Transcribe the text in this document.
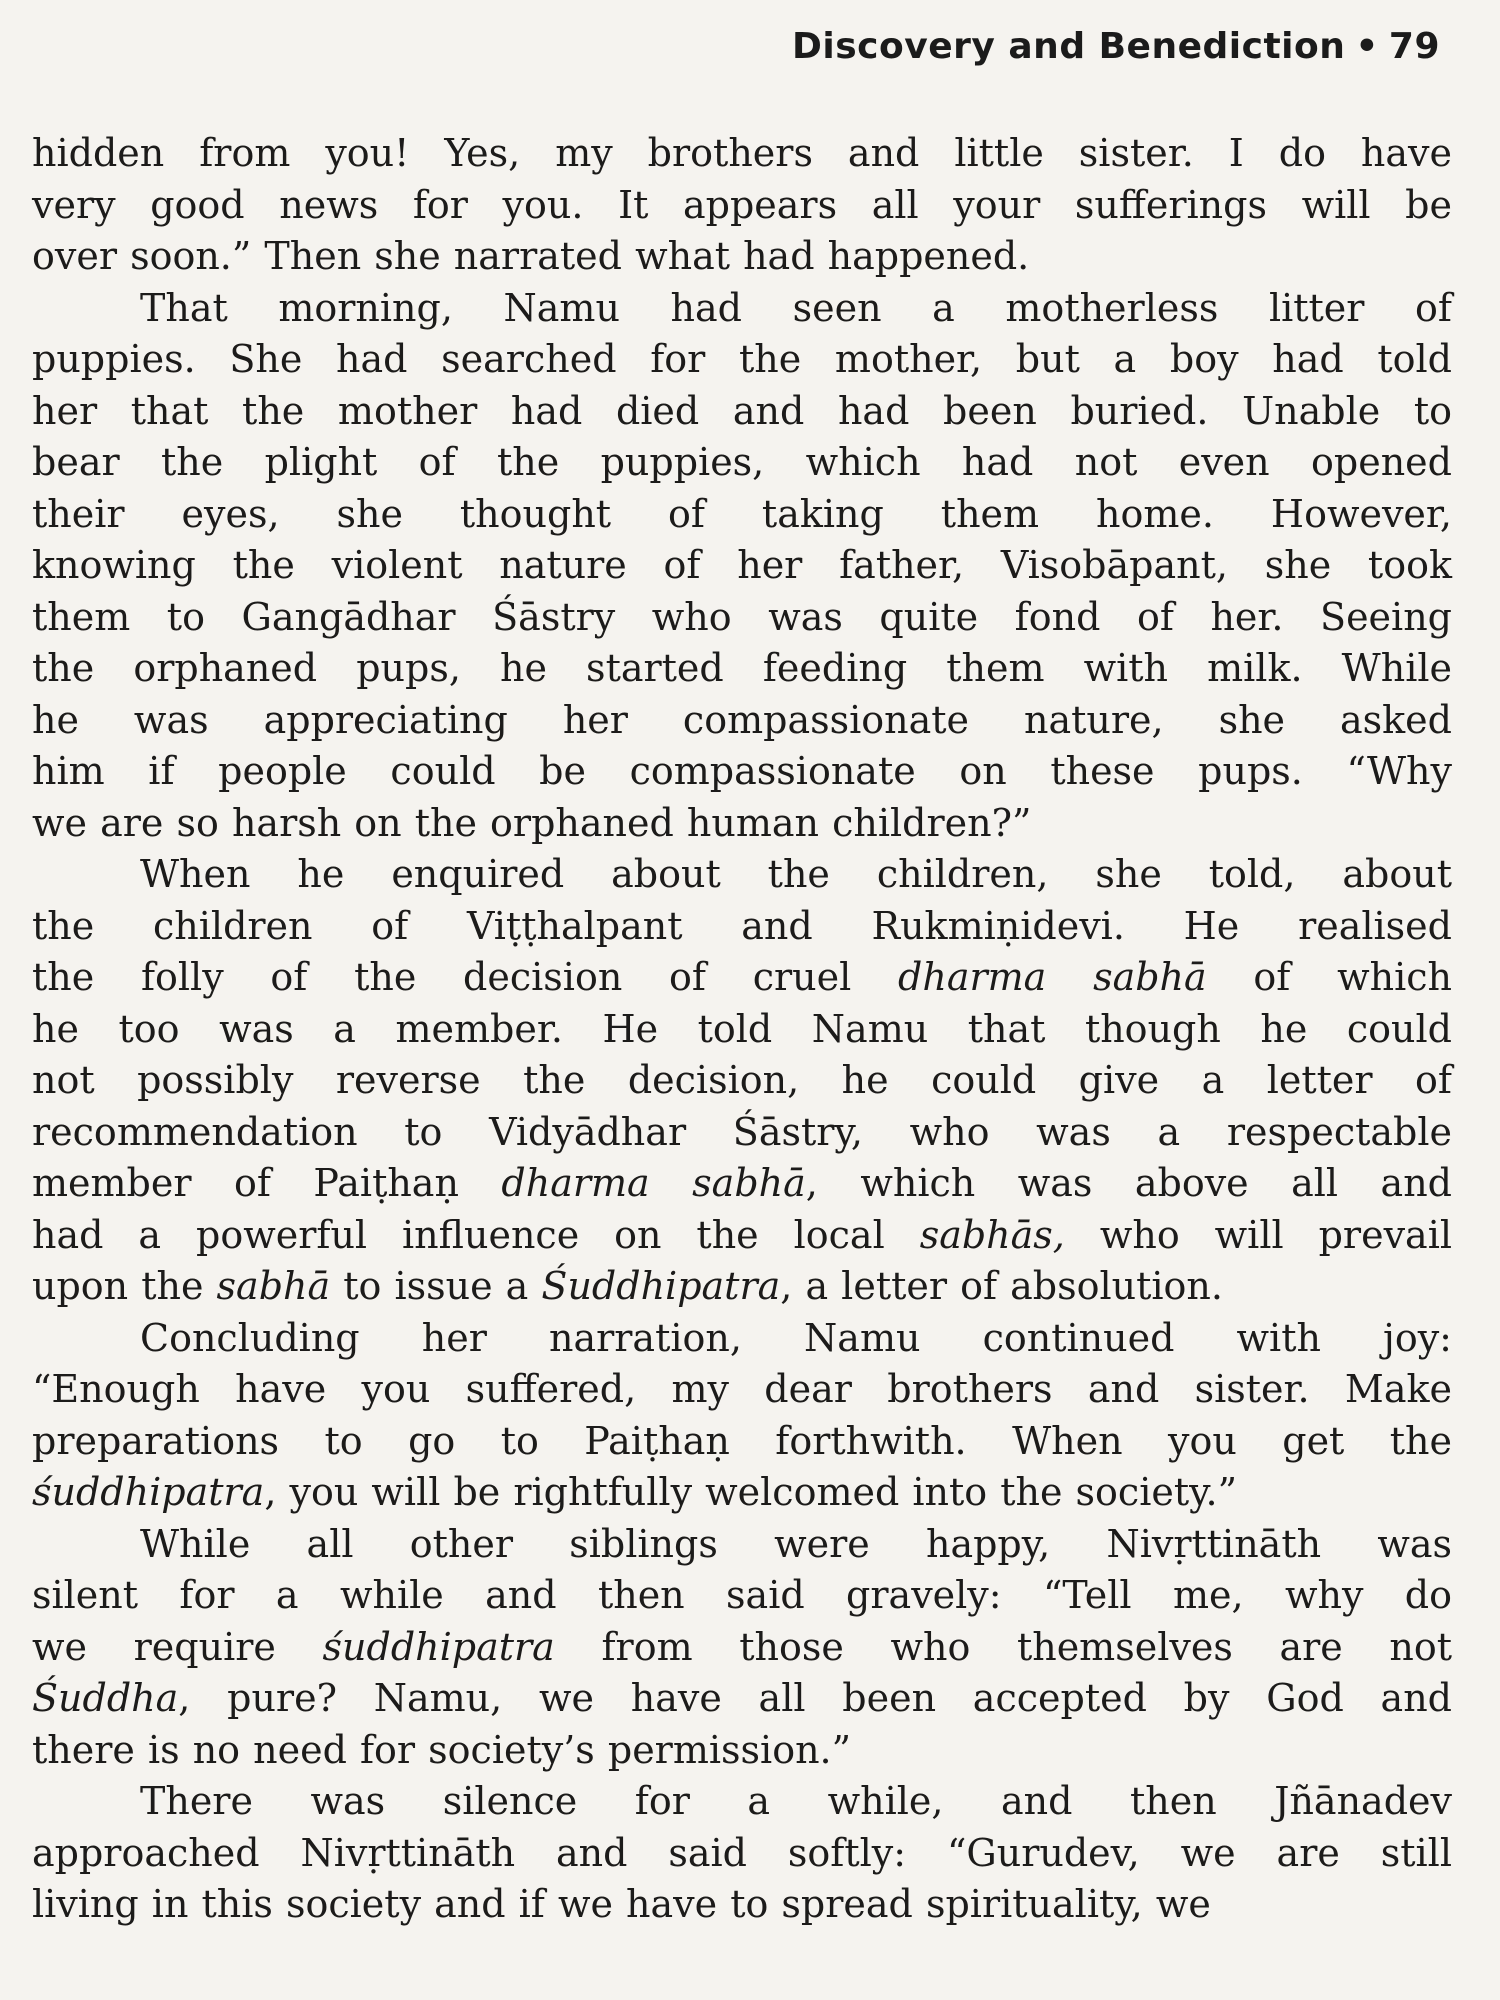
Discovery and Benediction • 79
hidden from you! Yes, my brothers and little sister. I do have
very good news for you. It appears all your sufferings will be
over soon.” Then she narrated what had happened.
That morning, Namu had seen a motherless litter of
puppies. She had searched for the mother, but a boy had told
her that the mother had died and had been buried. Unable to
bear the plight of the puppies, which had not even opened
their eyes, she thought of taking them home. However,
knowing the violent nature of her father, Visobāpant, she took
them to Gangādhar Śāstry who was quite fond of her. Seeing
the orphaned pups, he started feeding them with milk. While
he was appreciating her compassionate nature, she asked
him if people could be compassionate on these pups. “Why
we are so harsh on the orphaned human children?”
When he enquired about the children, she told, about
the children of Viṭṭhalpant and Rukmiṇidevi. He realised
the folly of the decision of cruel dharma sabhā of which
he too was a member. He told Namu that though he could
not possibly reverse the decision, he could give a letter of
recommendation to Vidyādhar Śāstry, who was a respectable
member of Paiṭhaṇ dharma sabhā, which was above all and
had a powerful influence on the local sabhās, who will prevail
upon the sabhā to issue a Śuddhipatra, a letter of absolution.
Concluding her narration, Namu continued with joy:
“Enough have you suffered, my dear brothers and sister. Make
preparations to go to Paiṭhaṇ forthwith. When you get the
śuddhipatra, you will be rightfully welcomed into the society.”
While all other siblings were happy, Nivṛttināth was
silent for a while and then said gravely: “Tell me, why do
we require śuddhipatra from those who themselves are not
Śuddha, pure? Namu, we have all been accepted by God and
there is no need for society’s permission.”
There was silence for a while, and then Jñānadev
approached Nivṛttināth and said softly: “Gurudev, we are still
living in this society and if we have to spread spirituality, we
